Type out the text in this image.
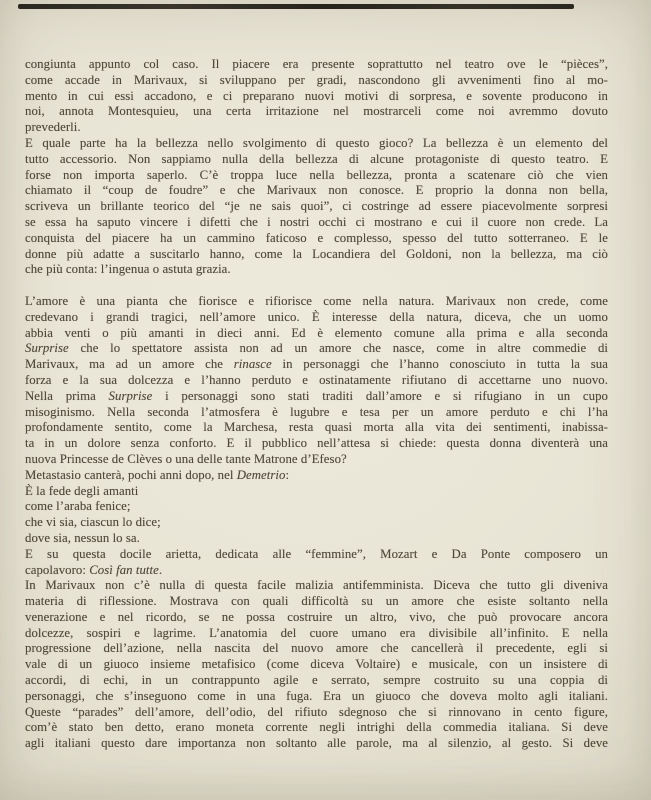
congiunta appunto col caso. Il piacere era presente soprattutto nel teatro ove le “pièces”,
come accade in Marivaux, si sviluppano per gradi, nascondono gli avvenimenti fino al mo-
mento in cui essi accadono, e ci preparano nuovi motivi di sorpresa, e sovente producono in
noi, annota Montesquieu, una certa irritazione nel mostrarceli come noi avremmo dovuto
prevederli.
E quale parte ha la bellezza nello svolgimento di questo gioco? La bellezza è un elemento del
tutto accessorio. Non sappiamo nulla della bellezza di alcune protagoniste di questo teatro. E
forse non importa saperlo. C’è troppa luce nella bellezza, pronta a scatenare ciò che vien
chiamato il “coup de foudre” e che Marivaux non conosce. E proprio la donna non bella,
scriveva un brillante teorico del “je ne sais quoi”, ci costringe ad essere piacevolmente sorpresi
se essa ha saputo vincere i difetti che i nostri occhi ci mostrano e cui il cuore non crede. La
conquista del piacere ha un cammino faticoso e complesso, spesso del tutto sotterraneo. E le
donne più adatte a suscitarlo hanno, come la Locandiera del Goldoni, non la bellezza, ma ciò
che più conta: l’ingenua o astuta grazia.
L’amore è una pianta che fiorisce e rifiorisce come nella natura. Marivaux non crede, come
credevano i grandi tragici, nell’amore unico. È interesse della natura, diceva, che un uomo
abbia venti o più amanti in dieci anni. Ed è elemento comune alla prima e alla seconda
Surprise che lo spettatore assista non ad un amore che nasce, come in altre commedie di
Marivaux, ma ad un amore che rinasce in personaggi che l’hanno conosciuto in tutta la sua
forza e la sua dolcezza e l’hanno perduto e ostinatamente rifiutano di accettarne uno nuovo.
Nella prima Surprise i personaggi sono stati traditi dall’amore e si rifugiano in un cupo
misoginismo. Nella seconda l’atmosfera è lugubre e tesa per un amore perduto e chi l’ha
profondamente sentito, come la Marchesa, resta quasi morta alla vita dei sentimenti, inabissa-
ta in un dolore senza conforto. E il pubblico nell’attesa si chiede: questa donna diventerà una
nuova Princesse de Clèves o una delle tante Matrone d’Efeso?
Metastasio canterà, pochi anni dopo, nel Demetrio:
È la fede degli amanti
come l’araba fenice;
che vi sia, ciascun lo dice;
dove sia, nessun lo sa.
E su questa docile arietta, dedicata alle “femmine”, Mozart e Da Ponte composero un
capolavoro: Così fan tutte.
In Marivaux non c’è nulla di questa facile malizia antifemminista. Diceva che tutto gli diveniva
materia di riflessione. Mostrava con quali difficoltà su un amore che esiste soltanto nella
venerazione e nel ricordo, se ne possa costruire un altro, vivo, che può provocare ancora
dolcezze, sospiri e lagrime. L’anatomia del cuore umano era divisibile all’infinito. E nella
progressione dell’azione, nella nascita del nuovo amore che cancellerà il precedente, egli si
vale di un giuoco insieme metafisico (come diceva Voltaire) e musicale, con un insistere di
accordi, di echi, in un contrappunto agile e serrato, sempre costruito su una coppia di
personaggi, che s’inseguono come in una fuga. Era un giuoco che doveva molto agli italiani.
Queste “parades” dell’amore, dell’odio, del rifiuto sdegnoso che si rinnovano in cento figure,
com’è stato ben detto, erano moneta corrente negli intrighi della commedia italiana. Si deve
agli italiani questo dare importanza non soltanto alle parole, ma al silenzio, al gesto. Si deve
